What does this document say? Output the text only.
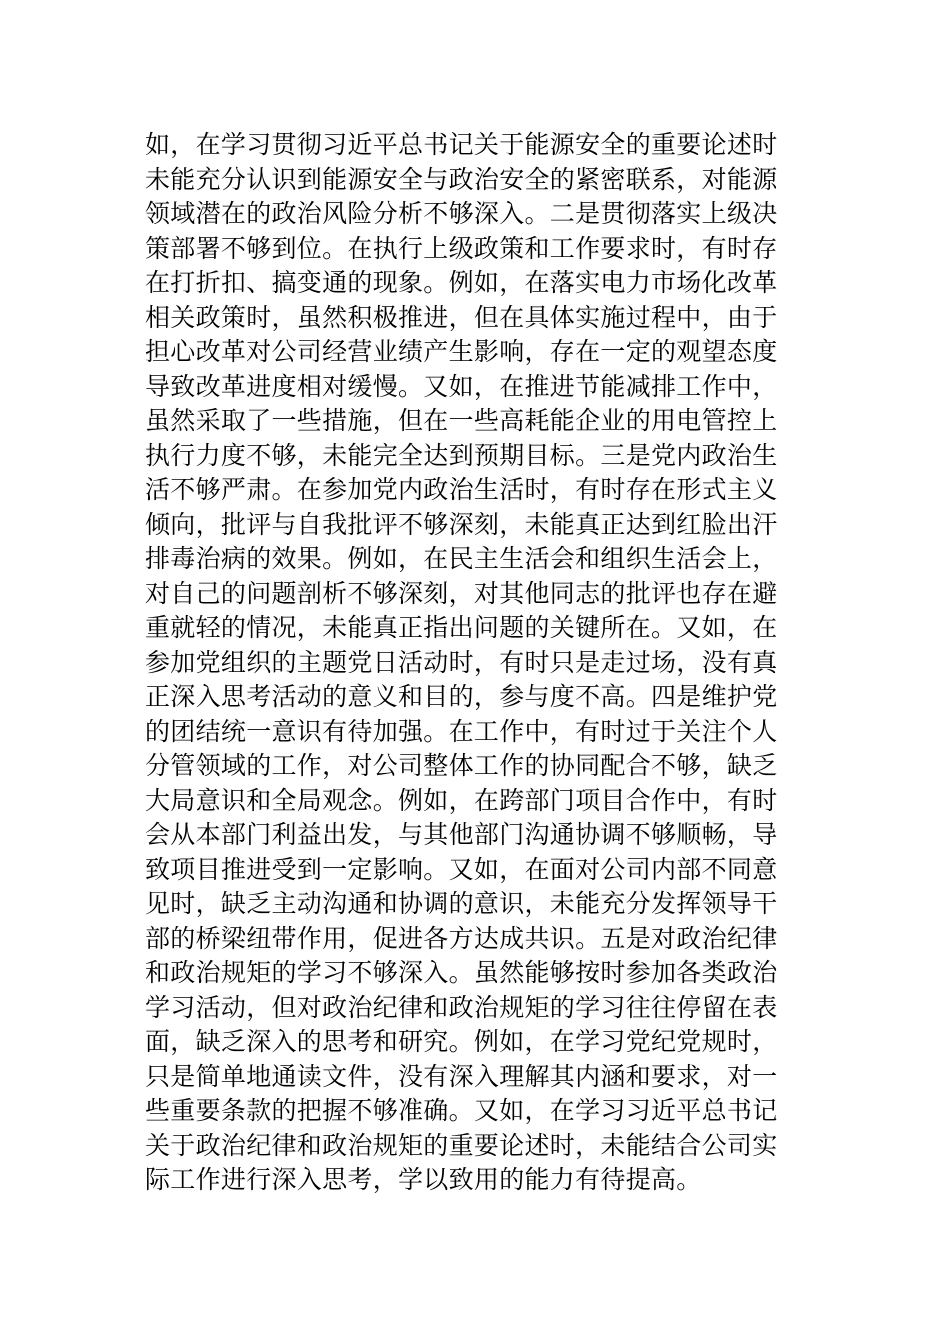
如，在学习贯彻习近平总书记关于能源安全的重要论述时
未能充分认识到能源安全与政治安全的紧密联系，对能源
领域潜在的政治风险分析不够深入。二是贯彻落实上级决
策部署不够到位。在执行上级政策和工作要求时，有时存
在打折扣、搞变通的现象。例如，在落实电力市场化改革
相关政策时，虽然积极推进，但在具体实施过程中，由于
担心改革对公司经营业绩产生影响，存在一定的观望态度
导致改革进度相对缓慢。又如，在推进节能减排工作中，
虽然采取了一些措施，但在一些高耗能企业的用电管控上
执行力度不够，未能完全达到预期目标。三是党内政治生
活不够严肃。在参加党内政治生活时，有时存在形式主义
倾向，批评与自我批评不够深刻，未能真正达到红脸出汗
排毒治病的效果。例如，在民主生活会和组织生活会上，
对自己的问题剖析不够深刻，对其他同志的批评也存在避
重就轻的情况，未能真正指出问题的关键所在。又如，在
参加党组织的主题党日活动时，有时只是走过场，没有真
正深入思考活动的意义和目的，参与度不高。四是维护党
的团结统一意识有待加强。在工作中，有时过于关注个人
分管领域的工作，对公司整体工作的协同配合不够，缺乏
大局意识和全局观念。例如，在跨部门项目合作中，有时
会从本部门利益出发，与其他部门沟通协调不够顺畅，导
致项目推进受到一定影响。又如，在面对公司内部不同意
见时，缺乏主动沟通和协调的意识，未能充分发挥领导干
部的桥梁纽带作用，促进各方达成共识。五是对政治纪律
和政治规矩的学习不够深入。虽然能够按时参加各类政治
学习活动，但对政治纪律和政治规矩的学习往往停留在表
面，缺乏深入的思考和研究。例如，在学习党纪党规时，
只是简单地通读文件，没有深入理解其内涵和要求，对一
些重要条款的把握不够准确。又如，在学习习近平总书记
关于政治纪律和政治规矩的重要论述时，未能结合公司实
际工作进行深入思考，学以致用的能力有待提高。
